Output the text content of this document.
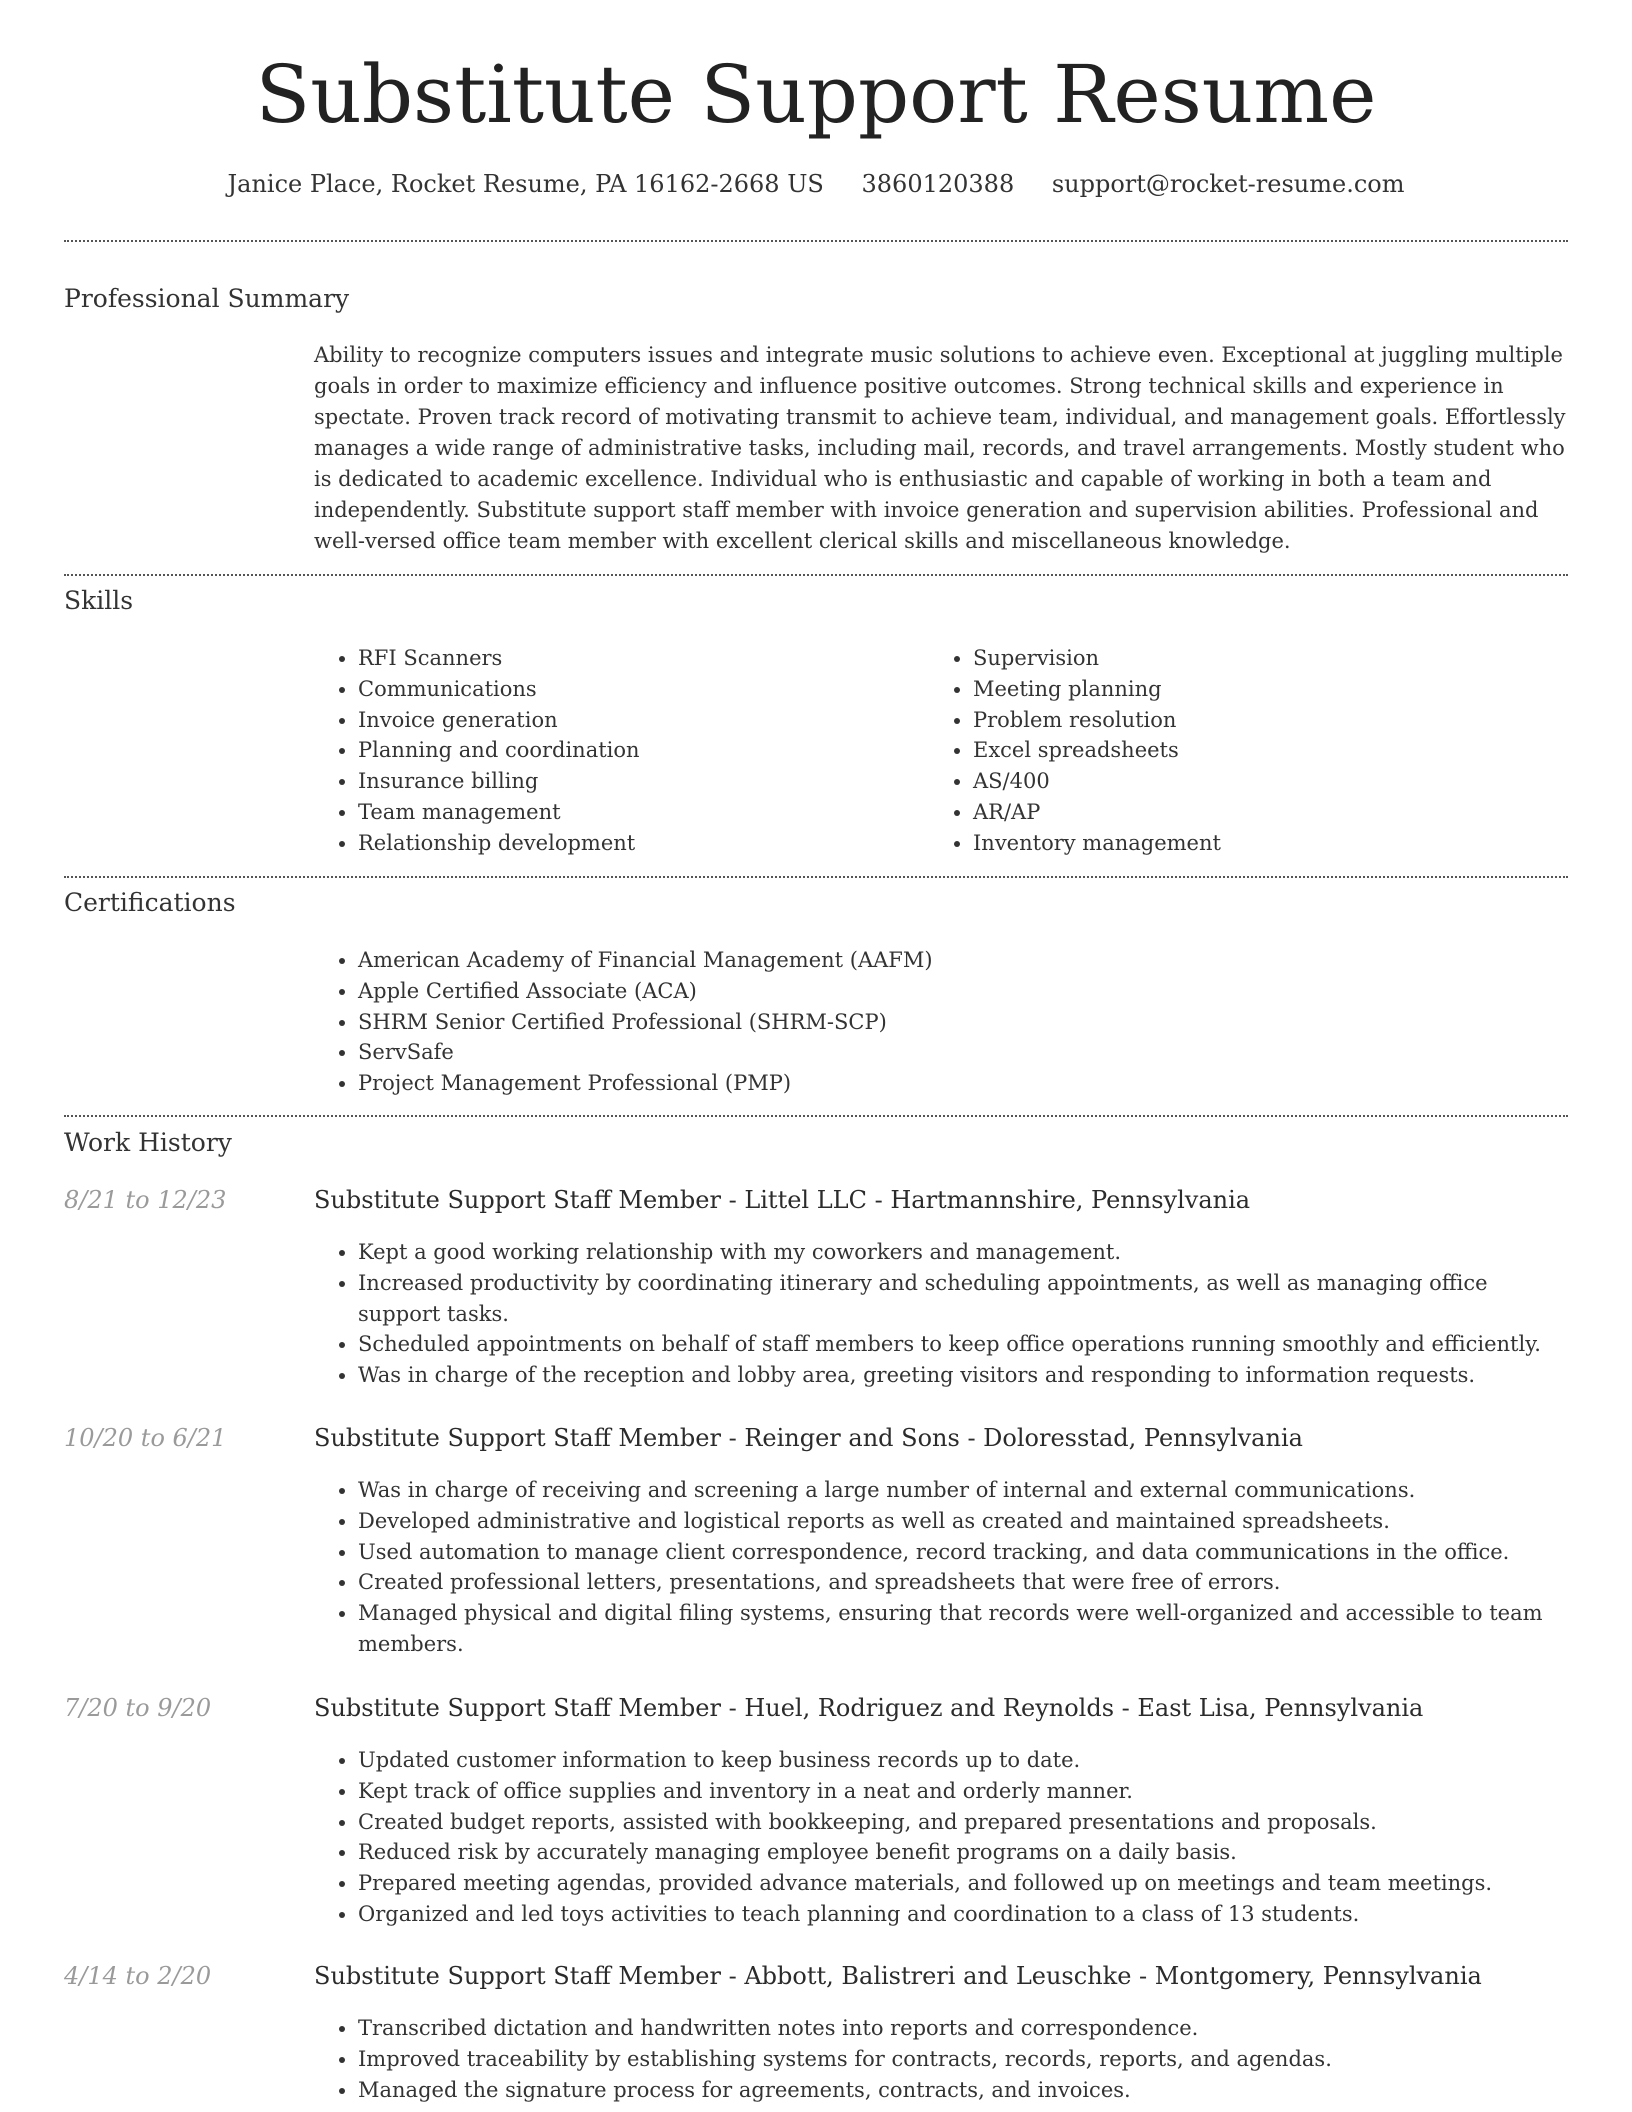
Substitute Support Resume
Janice Place, Rocket Resume, PA 16162-2668 US 3860120388 support@rocket-resume.com
Professional Summary
Ability to recognize computers issues and integrate music solutions to achieve even. Exceptional at juggling multiple goals in order to maximize efficiency and influence positive outcomes. Strong technical skills and experience in spectate. Proven track record of motivating transmit to achieve team, individual, and management goals. Effortlessly manages a wide range of administrative tasks, including mail, records, and travel arrangements. Mostly student who is dedicated to academic excellence. Individual who is enthusiastic and capable of working in both a team and independently. Substitute support staff member with invoice generation and supervision abilities. Professional and well-versed office team member with excellent clerical skills and miscellaneous knowledge.
Skills
• RFI Scanners
• Communications
• Invoice generation
• Planning and coordination
• Insurance billing
• Team management
• Relationship development
• Supervision
• Meeting planning
• Problem resolution
• Excel spreadsheets
• AS/400
• AR/AP
• Inventory management
Certifications
• American Academy of Financial Management (AAFM)
• Apple Certified Associate (ACA)
• SHRM Senior Certified Professional (SHRM-SCP)
• ServSafe
• Project Management Professional (PMP)
Work History
8/21 to 12/23	Substitute Support Staff Member - Littel LLC - Hartmannshire, Pennsylvania
• Kept a good working relationship with my coworkers and management.
• Increased productivity by coordinating itinerary and scheduling appointments, as well as managing office support tasks.
• Scheduled appointments on behalf of staff members to keep office operations running smoothly and efficiently.
• Was in charge of the reception and lobby area, greeting visitors and responding to information requests.
10/20 to 6/21	Substitute Support Staff Member - Reinger and Sons - Doloresstad, Pennsylvania
• Was in charge of receiving and screening a large number of internal and external communications.
• Developed administrative and logistical reports as well as created and maintained spreadsheets.
• Used automation to manage client correspondence, record tracking, and data communications in the office.
• Created professional letters, presentations, and spreadsheets that were free of errors.
• Managed physical and digital filing systems, ensuring that records were well-organized and accessible to team members.
7/20 to 9/20	Substitute Support Staff Member - Huel, Rodriguez and Reynolds - East Lisa, Pennsylvania
• Updated customer information to keep business records up to date.
• Kept track of office supplies and inventory in a neat and orderly manner.
• Created budget reports, assisted with bookkeeping, and prepared presentations and proposals.
• Reduced risk by accurately managing employee benefit programs on a daily basis.
• Prepared meeting agendas, provided advance materials, and followed up on meetings and team meetings.
• Organized and led toys activities to teach planning and coordination to a class of 13 students.
4/14 to 2/20	Substitute Support Staff Member - Abbott, Balistreri and Leuschke - Montgomery, Pennsylvania
• Transcribed dictation and handwritten notes into reports and correspondence.
• Improved traceability by establishing systems for contracts, records, reports, and agendas.
• Managed the signature process for agreements, contracts, and invoices.
